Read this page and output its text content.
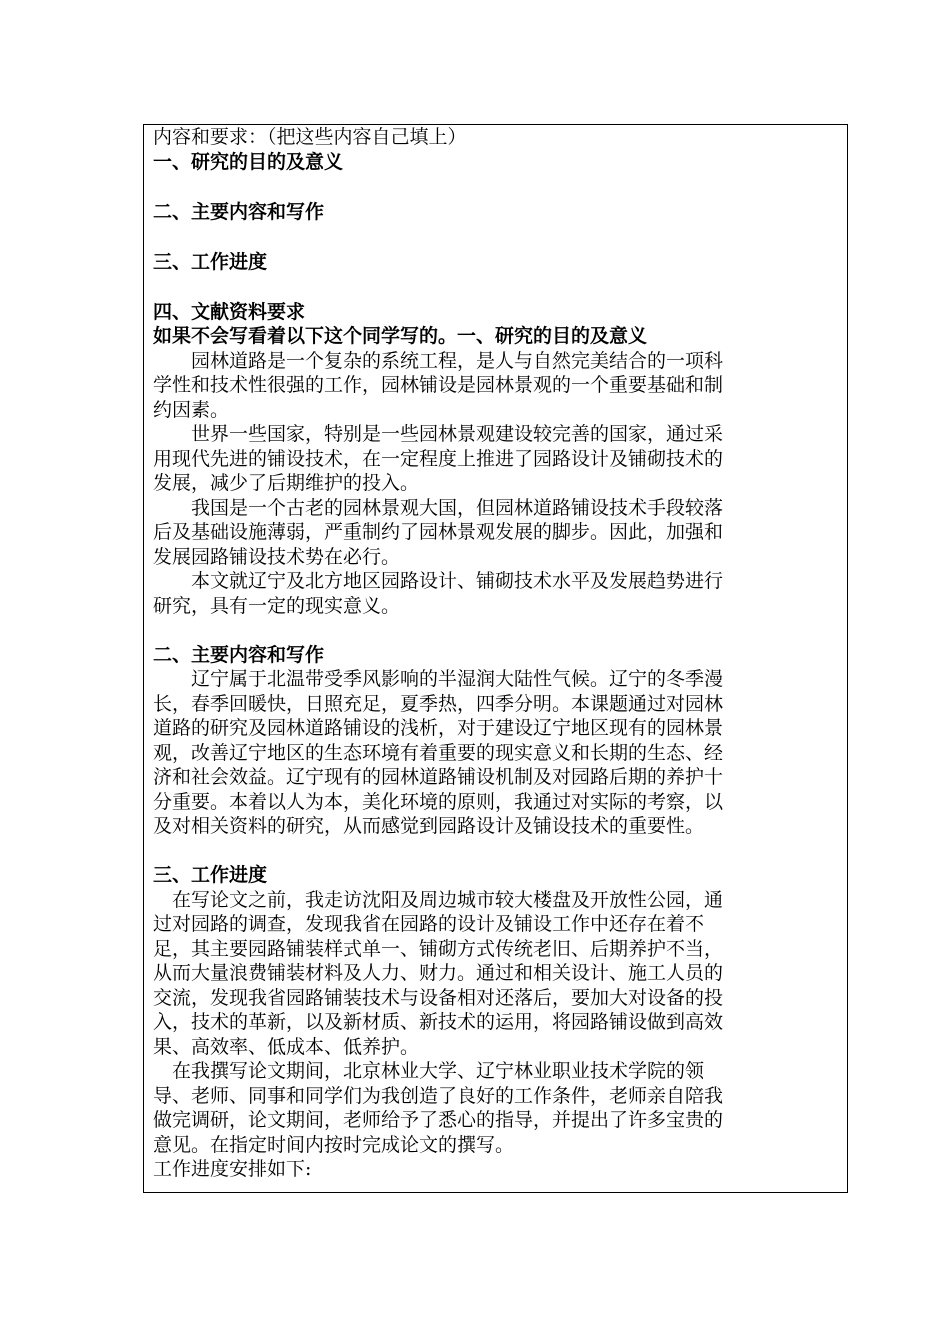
内容和要求：（把这些内容自己填上）
一、研究的目的及意义
二、主要内容和写作
三、工作进度
四、文献资料要求
如果不会写看着以下这个同学写的。一、研究的目的及意义
　　园林道路是一个复杂的系统工程，是人与自然完美结合的一项科
学性和技术性很强的工作，园林铺设是园林景观的一个重要基础和制
约因素。
　　世界一些国家，特别是一些园林景观建设较完善的国家，通过采
用现代先进的铺设技术，在一定程度上推进了园路设计及铺砌技术的
发展，减少了后期维护的投入。
　　我国是一个古老的园林景观大国，但园林道路铺设技术手段较落
后及基础设施薄弱，严重制约了园林景观发展的脚步。因此，加强和
发展园路铺设技术势在必行。
　　本文就辽宁及北方地区园路设计、铺砌技术水平及发展趋势进行
研究，具有一定的现实意义。
二、主要内容和写作
　　辽宁属于北温带受季风影响的半湿润大陆性气候。辽宁的冬季漫
长，春季回暖快，日照充足，夏季热，四季分明。本课题通过对园林
道路的研究及园林道路铺设的浅析，对于建设辽宁地区现有的园林景
观，改善辽宁地区的生态环境有着重要的现实意义和长期的生态、经
济和社会效益。辽宁现有的园林道路铺设机制及对园路后期的养护十
分重要。本着以人为本，美化环境的原则，我通过对实际的考察，以
及对相关资料的研究，从而感觉到园路设计及铺设技术的重要性。
三、工作进度
　在写论文之前，我走访沈阳及周边城市较大楼盘及开放性公园，通
过对园路的调查，发现我省在园路的设计及铺设工作中还存在着不
足，其主要园路铺装样式单一、铺砌方式传统老旧、后期养护不当，
从而大量浪费铺装材料及人力、财力。通过和相关设计、施工人员的
交流，发现我省园路铺装技术与设备相对还落后，要加大对设备的投
入，技术的革新，以及新材质、新技术的运用，将园路铺设做到高效
果、高效率、低成本、低养护。
　在我撰写论文期间，北京林业大学、辽宁林业职业技术学院的领
导、老师、同事和同学们为我创造了良好的工作条件，老师亲自陪我
做完调研，论文期间，老师给予了悉心的指导，并提出了许多宝贵的
意见。在指定时间内按时完成论文的撰写。
工作进度安排如下:
